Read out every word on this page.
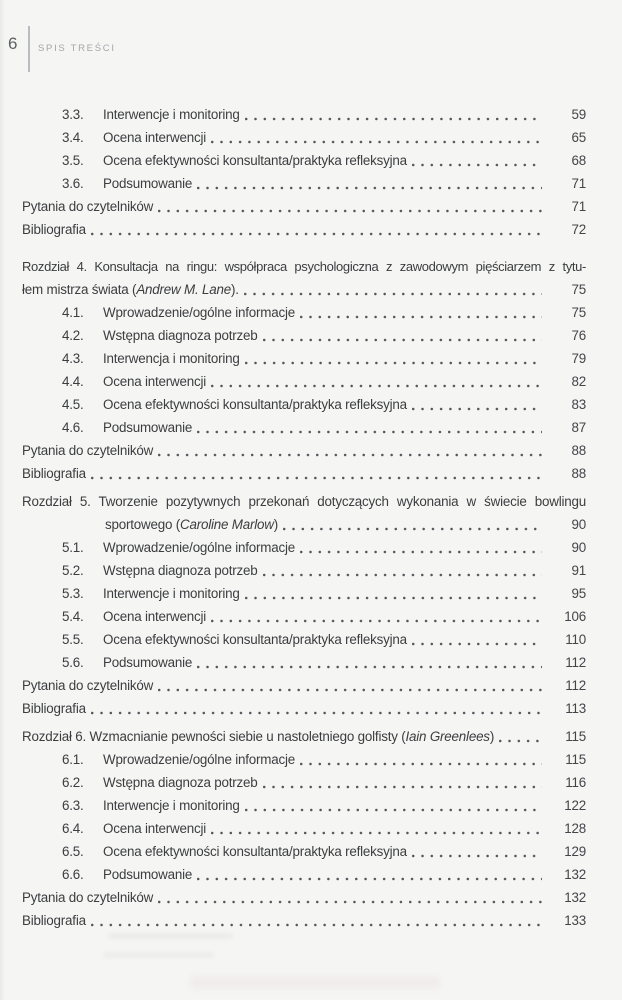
6 SPIS TREŚCI
3.3.	Interwencje i monitoring	59
3.4.	Ocena interwencji	65
3.5.	Ocena efektywności konsultanta/praktyka refleksyjna	68
3.6.	Podsumowanie	71
Pytania do czytelników	71
Bibliografia	72
Rozdział 4. Konsultacja na ringu: współpraca psychologiczna z zawodowym pięściarzem z tytu-
łem mistrza świata (Andrew M. Lane).	75
4.1.	Wprowadzenie/ogólne informacje	75
4.2.	Wstępna diagnoza potrzeb	76
4.3.	Interwencja i monitoring	79
4.4.	Ocena interwencji	82
4.5.	Ocena efektywności konsultanta/praktyka refleksyjna	83
4.6.	Podsumowanie	87
Pytania do czytelników	88
Bibliografia	88
Rozdział 5. Tworzenie pozytywnych przekonań dotyczących wykonania w świecie bowlingu
sportowego (Caroline Marlow)	90
5.1.	Wprowadzenie/ogólne informacje	90
5.2.	Wstępna diagnoza potrzeb	91
5.3.	Interwencje i monitoring	95
5.4.	Ocena interwencji	106
5.5.	Ocena efektywności konsultanta/praktyka refleksyjna	110
5.6.	Podsumowanie	112
Pytania do czytelników	112
Bibliografia	113
Rozdział 6. Wzmacnianie pewności siebie u nastoletniego golfisty (Iain Greenlees)	115
6.1.	Wprowadzenie/ogólne informacje	115
6.2.	Wstępna diagnoza potrzeb	116
6.3.	Interwencje i monitoring	122
6.4.	Ocena interwencji	128
6.5.	Ocena efektywności konsultanta/praktyka refleksyjna	129
6.6.	Podsumowanie	132
Pytania do czytelników	132
Bibliografia	133
